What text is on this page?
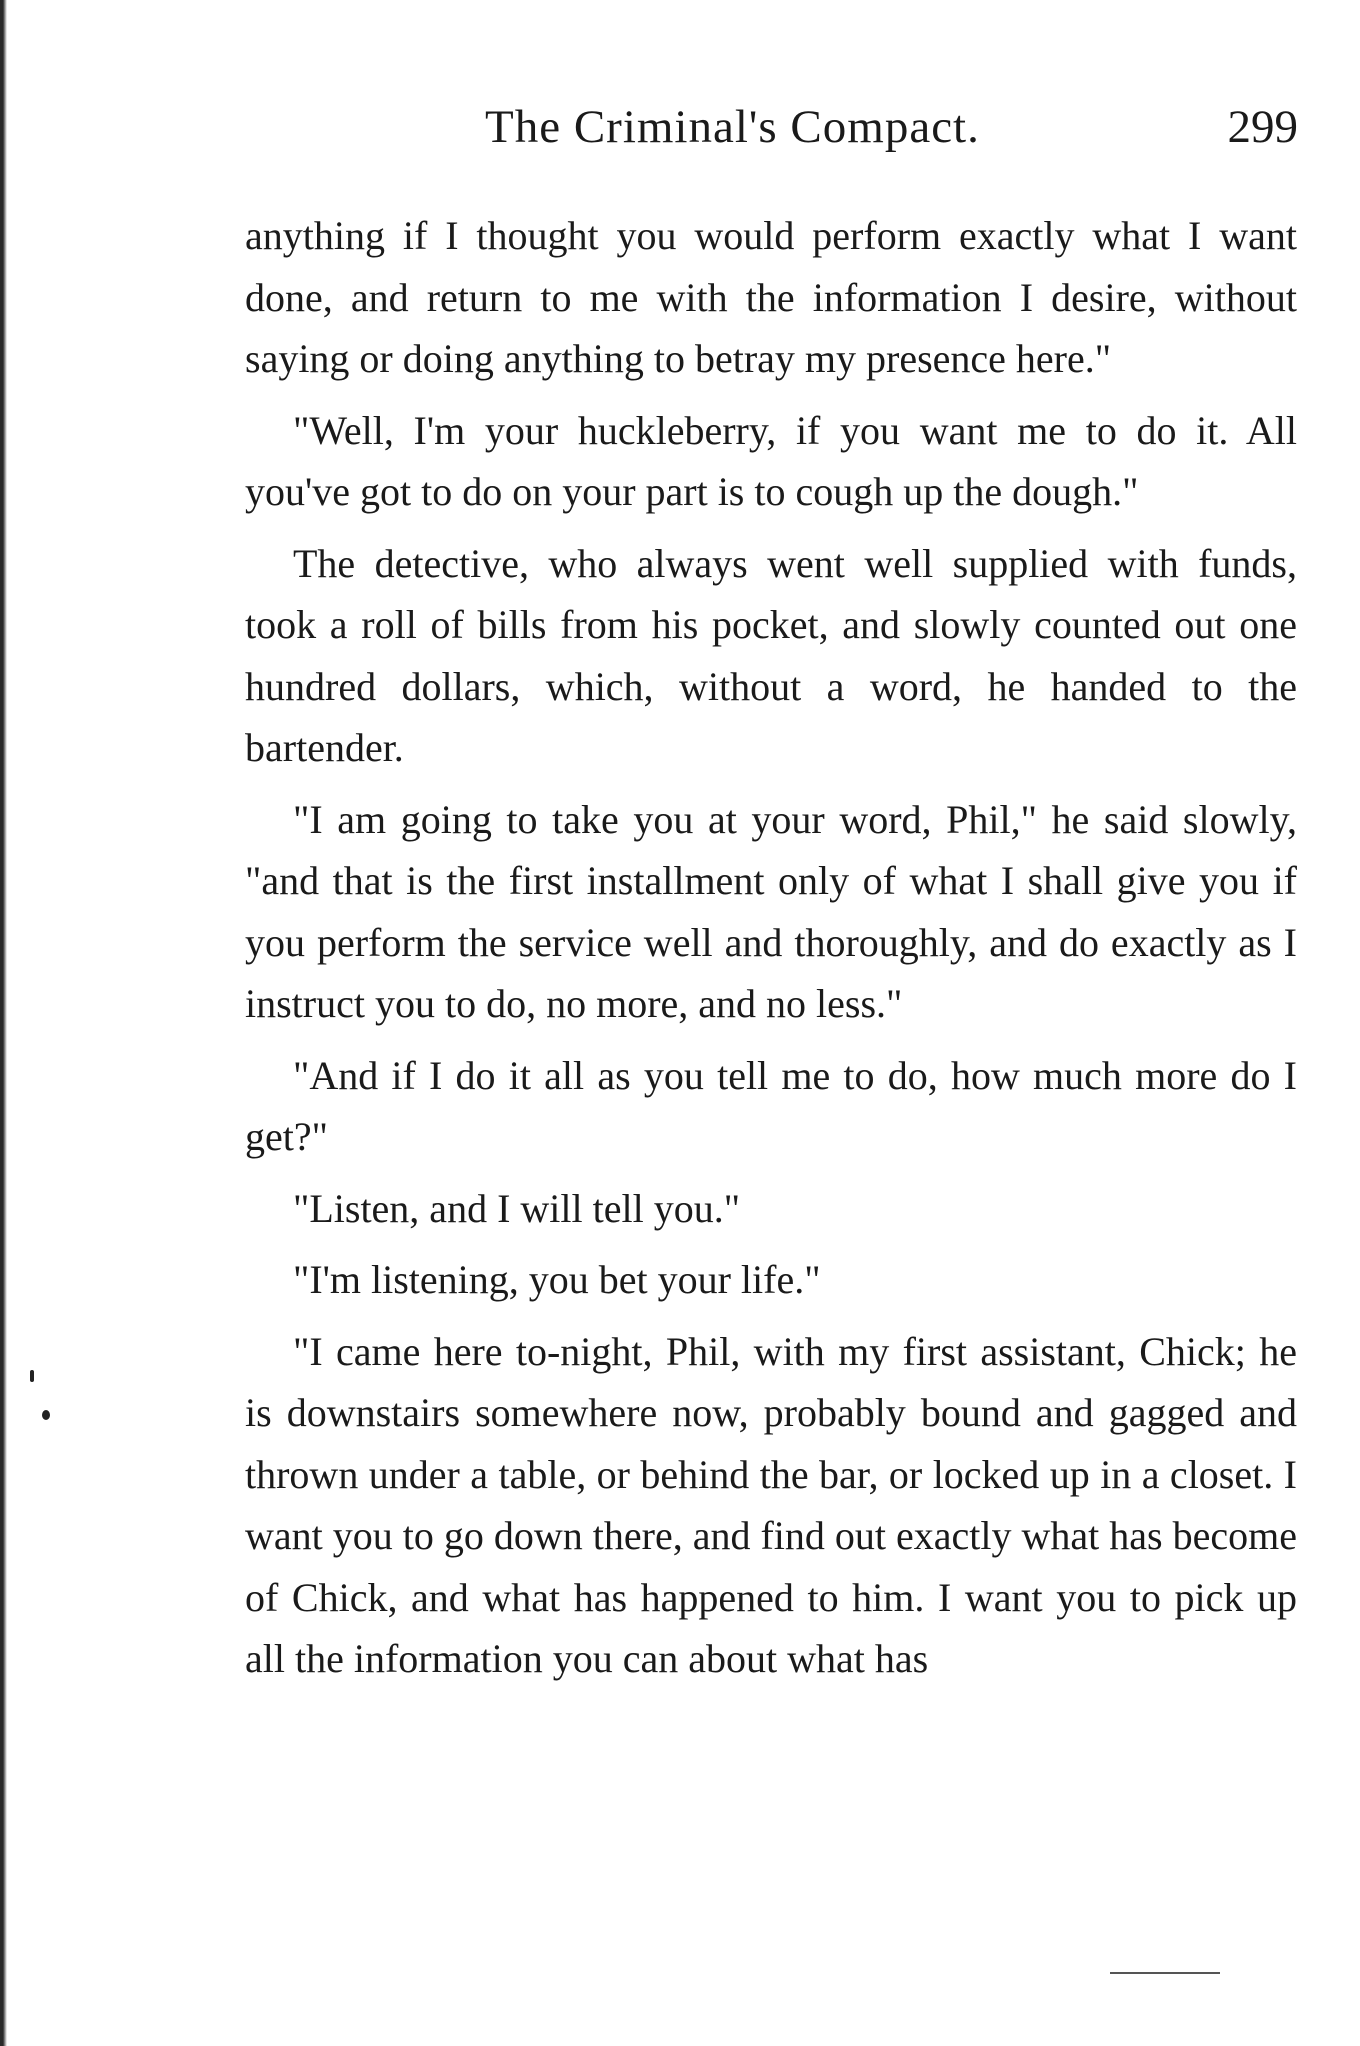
The Criminal's Compact.	299

anything if I thought you would perform exactly what I want done, and return to me with the information I desire, without saying or doing anything to betray my presence here."

"Well, I'm your huckleberry, if you want me to do it. All you've got to do on your part is to cough up the dough."

The detective, who always went well supplied with funds, took a roll of bills from his pocket, and slowly counted out one hundred dollars, which, without a word, he handed to the bartender.

"I am going to take you at your word, Phil," he said slowly, "and that is the first installment only of what I shall give you if you perform the service well and thoroughly, and do exactly as I instruct you to do, no more, and no less."

"And if I do it all as you tell me to do, how much more do I get?"

"Listen, and I will tell you."

"I'm listening, you bet your life."

"I came here to-night, Phil, with my first assistant, Chick; he is downstairs somewhere now, probably bound and gagged and thrown under a table, or behind the bar, or locked up in a closet. I want you to go down there, and find out exactly what has become of Chick, and what has happened to him. I want you to pick up all the information you can about what has
